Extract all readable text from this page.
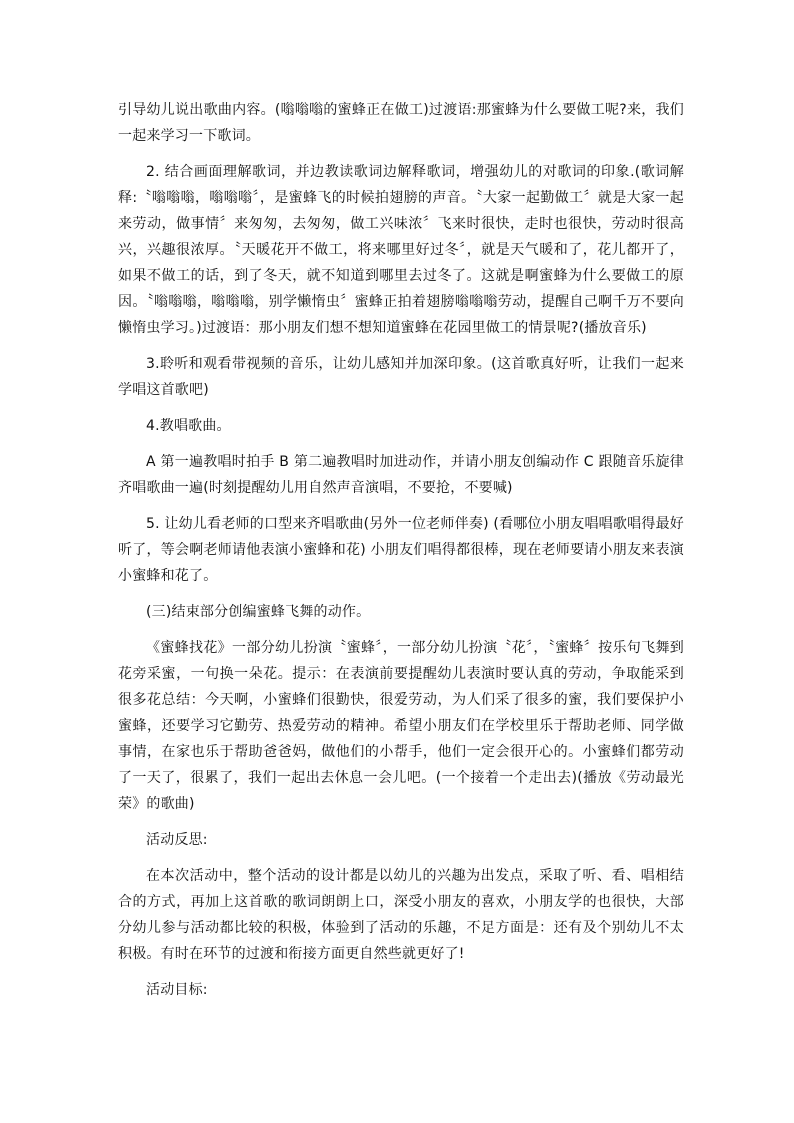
引导幼儿说出歌曲内容。(嗡嗡嗡的蜜蜂正在做工)过渡语:那蜜蜂为什么要做工呢?来，我们一起来学习一下歌词。

2. 结合画面理解歌词，并边教读歌词边解释歌词，增强幼儿的对歌词的印象.(歌词解释:〝嗡嗡嗡，嗡嗡嗡〞，是蜜蜂飞的时候拍翅膀的声音。〝大家一起勤做工〞就是大家一起来劳动，做事情〞来匆匆，去匆匆，做工兴味浓〞飞来时很快，走时也很快，劳动时很高兴，兴趣很浓厚。〝天暖花开不做工，将来哪里好过冬〞，就是天气暖和了，花儿都开了，如果不做工的话，到了冬天，就不知道到哪里去过冬了。这就是啊蜜蜂为什么要做工的原因。〝嗡嗡嗡，嗡嗡嗡，别学懒惰虫〞蜜蜂正拍着翅膀嗡嗡嗡劳动，提醒自己啊千万不要向懒惰虫学习。)过渡语：那小朋友们想不想知道蜜蜂在花园里做工的情景呢?(播放音乐)

3.聆听和观看带视频的音乐，让幼儿感知并加深印象。(这首歌真好听，让我们一起来学唱这首歌吧)

4.教唱歌曲。

A 第一遍教唱时拍手 B 第二遍教唱时加进动作，并请小朋友创编动作 C 跟随音乐旋律齐唱歌曲一遍(时刻提醒幼儿用自然声音演唱，不要抢，不要喊)

5. 让幼儿看老师的口型来齐唱歌曲(另外一位老师伴奏) (看哪位小朋友唱唱歌唱得最好听了，等会啊老师请他表演小蜜蜂和花) 小朋友们唱得都很棒，现在老师要请小朋友来表演小蜜蜂和花了。

(三)结束部分创编蜜蜂飞舞的动作。

《蜜蜂找花》一部分幼儿扮演〝蜜蜂〞，一部分幼儿扮演〝花〞，〝蜜蜂〞按乐句飞舞到花旁采蜜，一句换一朵花。提示：在表演前要提醒幼儿表演时要认真的劳动，争取能采到很多花总结：今天啊，小蜜蜂们很勤快，很爱劳动，为人们采了很多的蜜，我们要保护小蜜蜂，还要学习它勤劳、热爱劳动的精神。希望小朋友们在学校里乐于帮助老师、同学做事情，在家也乐于帮助爸爸妈，做他们的小帮手，他们一定会很开心的。小蜜蜂们都劳动了一天了，很累了，我们一起出去休息一会儿吧。(一个接着一个走出去)(播放《劳动最光荣》的歌曲)

活动反思:

在本次活动中，整个活动的设计都是以幼儿的兴趣为出发点，采取了听、看、唱相结合的方式，再加上这首歌的歌词朗朗上口，深受小朋友的喜欢，小朋友学的也很快，大部分幼儿参与活动都比较的积极，体验到了活动的乐趣，不足方面是：还有及个别幼儿不太积极。有时在环节的过渡和衔接方面更自然些就更好了!

活动目标:
